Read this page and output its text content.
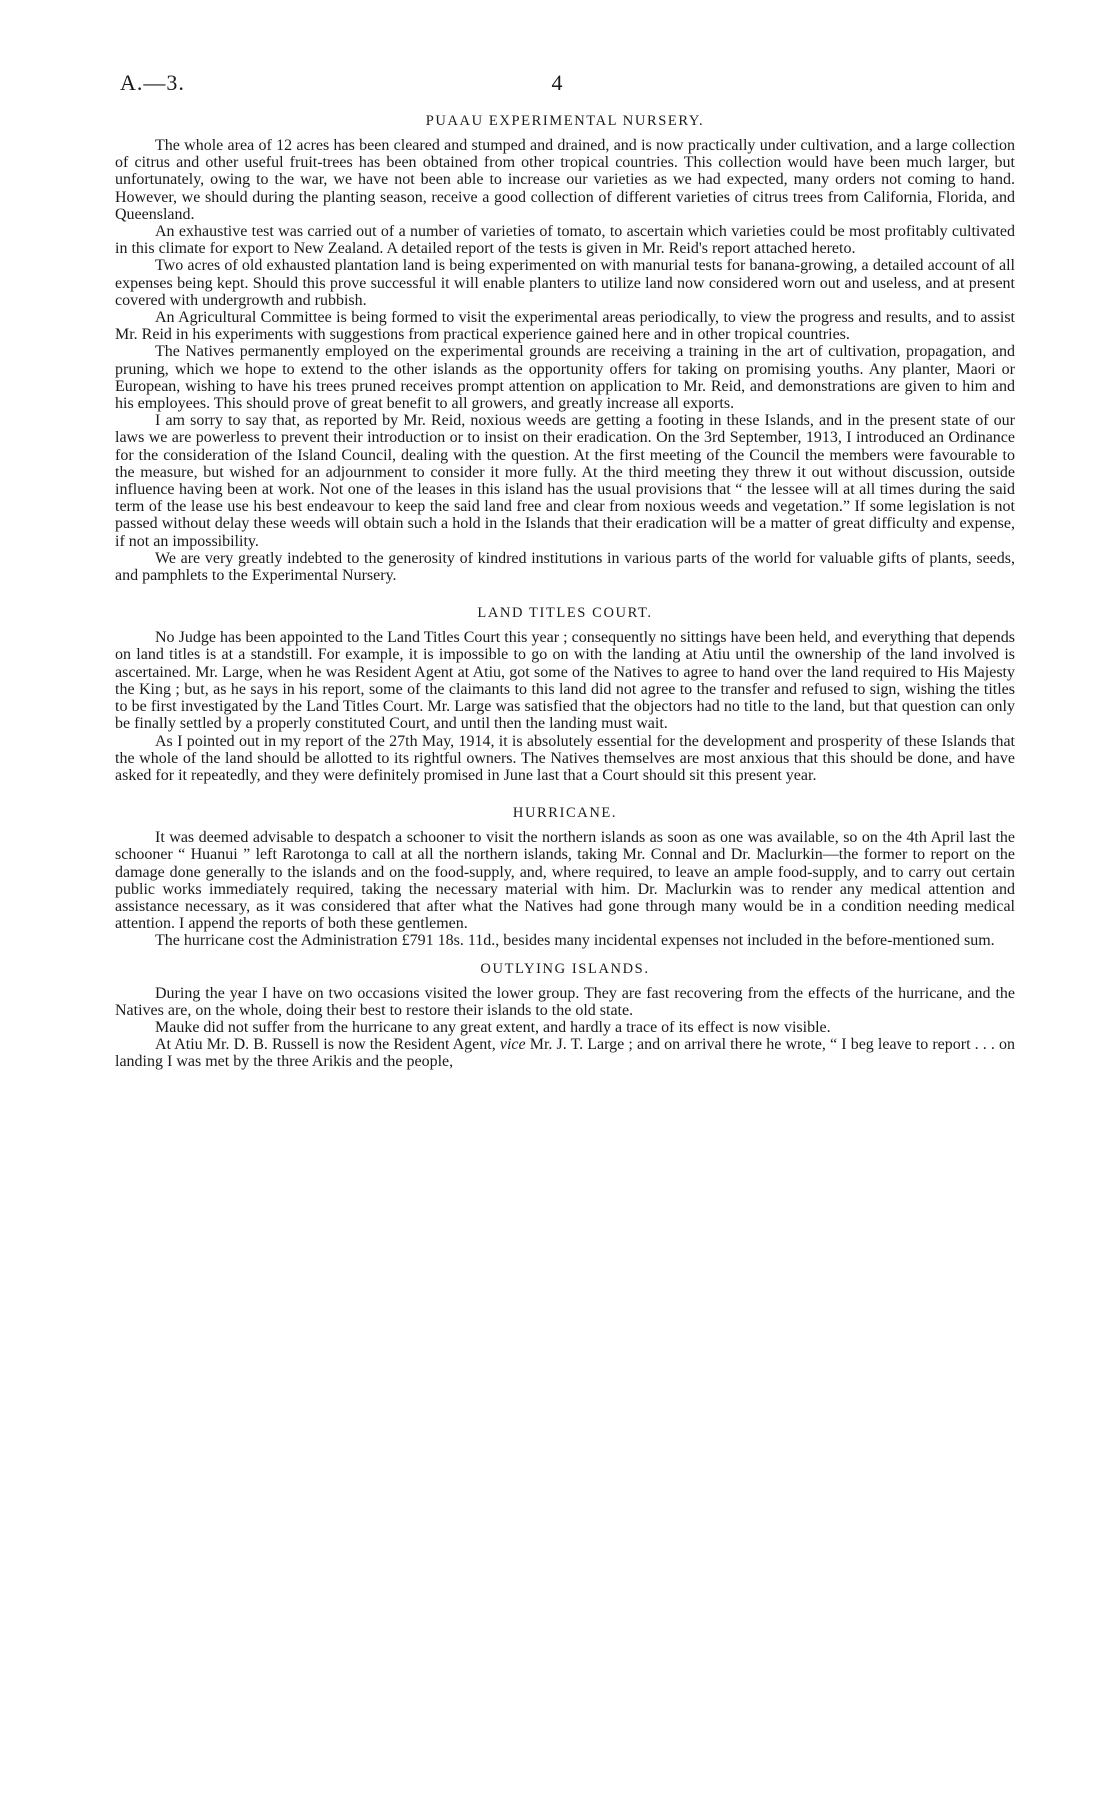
A.—3.	4
PUAAU EXPERIMENTAL NURSERY.

The whole area of 12 acres has been cleared and stumped and drained, and is now practically under cultivation, and a large collection of citrus and other useful fruit-trees has been obtained from other tropical countries. This collection would have been much larger, but unfortunately, owing to the war, we have not been able to increase our varieties as we had expected, many orders not coming to hand. However, we should during the planting season, receive a good collection of different varieties of citrus trees from California, Florida, and Queensland.

An exhaustive test was carried out of a number of varieties of tomato, to ascertain which varieties could be most profitably cultivated in this climate for export to New Zealand. A detailed report of the tests is given in Mr. Reid's report attached hereto.

Two acres of old exhausted plantation land is being experimented on with manurial tests for banana-growing, a detailed account of all expenses being kept. Should this prove successful it will enable planters to utilize land now considered worn out and useless, and at present covered with undergrowth and rubbish.

An Agricultural Committee is being formed to visit the experimental areas periodically, to view the progress and results, and to assist Mr. Reid in his experiments with suggestions from practical experience gained here and in other tropical countries.

The Natives permanently employed on the experimental grounds are receiving a training in the art of cultivation, propagation, and pruning, which we hope to extend to the other islands as the opportunity offers for taking on promising youths. Any planter, Maori or European, wishing to have his trees pruned receives prompt attention on application to Mr. Reid, and demonstrations are given to him and his employees. This should prove of great benefit to all growers, and greatly increase all exports.

I am sorry to say that, as reported by Mr. Reid, noxious weeds are getting a footing in these Islands, and in the present state of our laws we are powerless to prevent their introduction or to insist on their eradication. On the 3rd September, 1913, I introduced an Ordinance for the consideration of the Island Council, dealing with the question. At the first meeting of the Council the members were favourable to the measure, but wished for an adjournment to consider it more fully. At the third meeting they threw it out without discussion, outside influence having been at work. Not one of the leases in this island has the usual provisions that “ the lessee will at all times during the said term of the lease use his best endeavour to keep the said land free and clear from noxious weeds and vegetation.” If some legislation is not passed without delay these weeds will obtain such a hold in the Islands that their eradication will be a matter of great difficulty and expense, if not an impossibility.

We are very greatly indebted to the generosity of kindred institutions in various parts of the world for valuable gifts of plants, seeds, and pamphlets to the Experimental Nursery.

LAND TITLES COURT.

No Judge has been appointed to the Land Titles Court this year ; consequently no sittings have been held, and everything that depends on land titles is at a standstill. For example, it is impossible to go on with the landing at Atiu until the ownership of the land involved is ascertained. Mr. Large, when he was Resident Agent at Atiu, got some of the Natives to agree to hand over the land required to His Majesty the King ; but, as he says in his report, some of the claimants to this land did not agree to the transfer and refused to sign, wishing the titles to be first investigated by the Land Titles Court. Mr. Large was satisfied that the objectors had no title to the land, but that question can only be finally settled by a properly constituted Court, and until then the landing must wait.

As I pointed out in my report of the 27th May, 1914, it is absolutely essential for the development and prosperity of these Islands that the whole of the land should be allotted to its rightful owners. The Natives themselves are most anxious that this should be done, and have asked for it repeatedly, and they were definitely promised in June last that a Court should sit this present year.

HURRICANE.

It was deemed advisable to despatch a schooner to visit the northern islands as soon as one was available, so on the 4th April last the schooner “ Huanui ” left Rarotonga to call at all the northern islands, taking Mr. Connal and Dr. Maclurkin—the former to report on the damage done generally to the islands and on the food-supply, and, where required, to leave an ample food-supply, and to carry out certain public works immediately required, taking the necessary material with him. Dr. Maclurkin was to render any medical attention and assistance necessary, as it was considered that after what the Natives had gone through many would be in a condition needing medical attention. I append the reports of both these gentlemen.

The hurricane cost the Administration £791 18s. 11d., besides many incidental expenses not included in the before-mentioned sum.

OUTLYING ISLANDS.

During the year I have on two occasions visited the lower group. They are fast recovering from the effects of the hurricane, and the Natives are, on the whole, doing their best to restore their islands to the old state.

Mauke did not suffer from the hurricane to any great extent, and hardly a trace of its effect is now visible.

At Atiu Mr. D. B. Russell is now the Resident Agent, vice Mr. J. T. Large ; and on arrival there he wrote, “ I beg leave to report . . . on landing I was met by the three Arikis and the people,
